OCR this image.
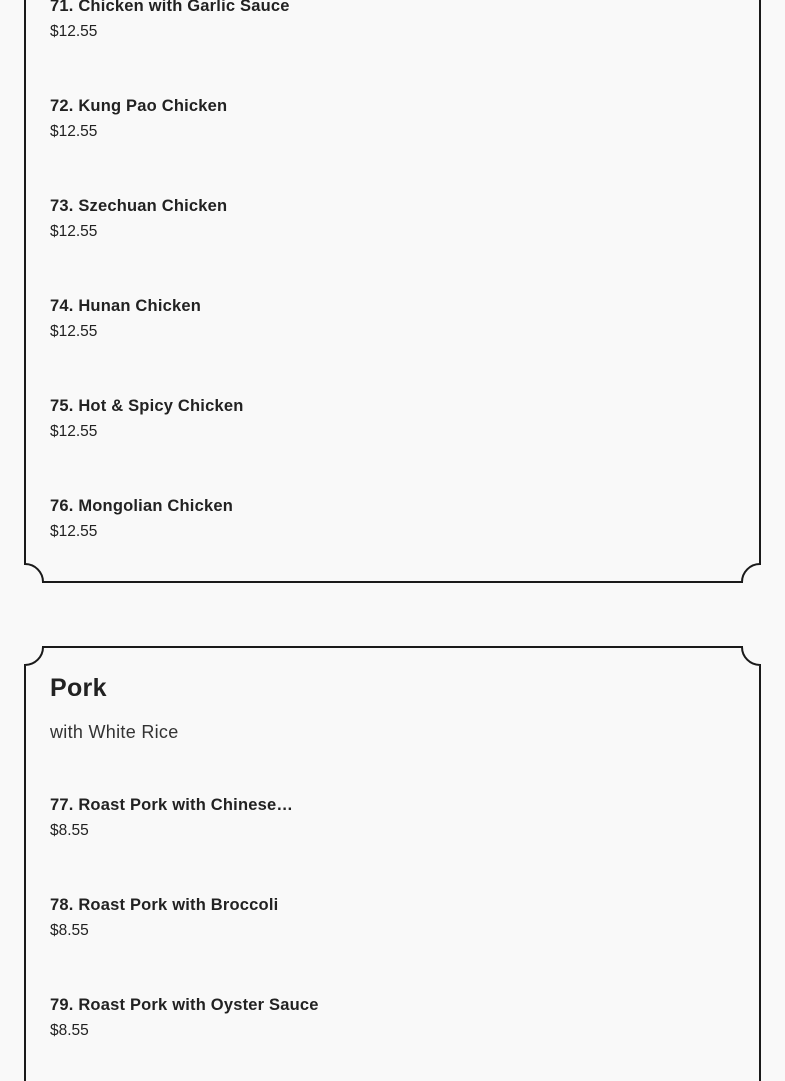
71. Chicken with Garlic Sauce
$12.55
72. Kung Pao Chicken
$12.55
73. Szechuan Chicken
$12.55
74. Hunan Chicken
$12.55
75. Hot & Spicy Chicken
$12.55
76. Mongolian Chicken
$12.55
Pork

with White Rice

77. Roast Pork with Chinese…
$8.55
78. Roast Pork with Broccoli
$8.55
79. Roast Pork with Oyster Sauce
$8.55
